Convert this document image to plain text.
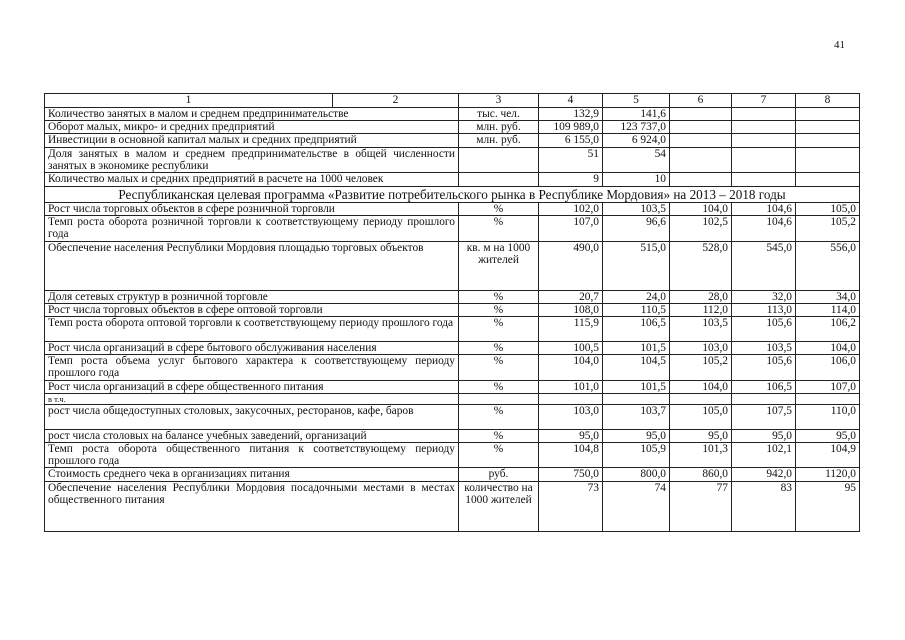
41
1	2	3	4	5	6	7	8
Количество занятых в малом и среднем предпринимательстве		тыс. чел.	132,9	141,6			
Оборот малых, микро- и средних предприятий		млн. руб.	109 989,0	123 737,0			
Инвестиции в основной капитал малых и средних предприятий		млн. руб.	6 155,0	6 924,0			
Доля занятых в малом и среднем предпринимательстве в общей численности занятых в экономике республики			51	54			
Количество малых и средних предприятий в расчете на 1000 человек			9	10			
Республиканская целевая программа «Развитие потребительского рынка в Республике Мордовия» на 2013 – 2018 годы							
Рост числа торговых объектов в сфере розничной торговли		%	102,0	103,5	104,0	104,6	105,0
Темп роста оборота розничной торговли к соответствующему периоду прошлого года		%	107,0	96,6	102,5	104,6	105,2
Обеспечение населения Республики Мордовия площадью торговых объектов		кв. м на 1000 жителей	490,0	515,0	528,0	545,0	556,0
Доля сетевых структур в розничной торговле		%	20,7	24,0	28,0	32,0	34,0
Рост числа торговых объектов в сфере оптовой торговли		%	108,0	110,5	112,0	113,0	114,0
Темп роста оборота оптовой торговли к соответствующему периоду прошлого года		%	115,9	106,5	103,5	105,6	106,2
Рост числа организаций в сфере бытового обслуживания населения		%	100,5	101,5	103,0	103,5	104,0
Темп роста объема услуг бытового характера к соответствующему периоду прошлого года		%	104,0	104,5	105,2	105,6	106,0
Рост числа организаций в сфере общественного питания		%	101,0	101,5	104,0	106,5	107,0
в т.ч.							
рост числа общедоступных столовых, закусочных, ресторанов, кафе, баров		%	103,0	103,7	105,0	107,5	110,0
рост числа столовых на балансе учебных заведений, организаций		%	95,0	95,0	95,0	95,0	95,0
Темп роста оборота общественного питания к соответствующему периоду прошлого года		%	104,8	105,9	101,3	102,1	104,9
Стоимость среднего чека в организациях питания		руб.	750,0	800,0	860,0	942,0	1120,0
Обеспечение населения Республики Мордовия посадочными местами в местах общественного питания		количество на 1000 жителей	73	74	77	83	95
